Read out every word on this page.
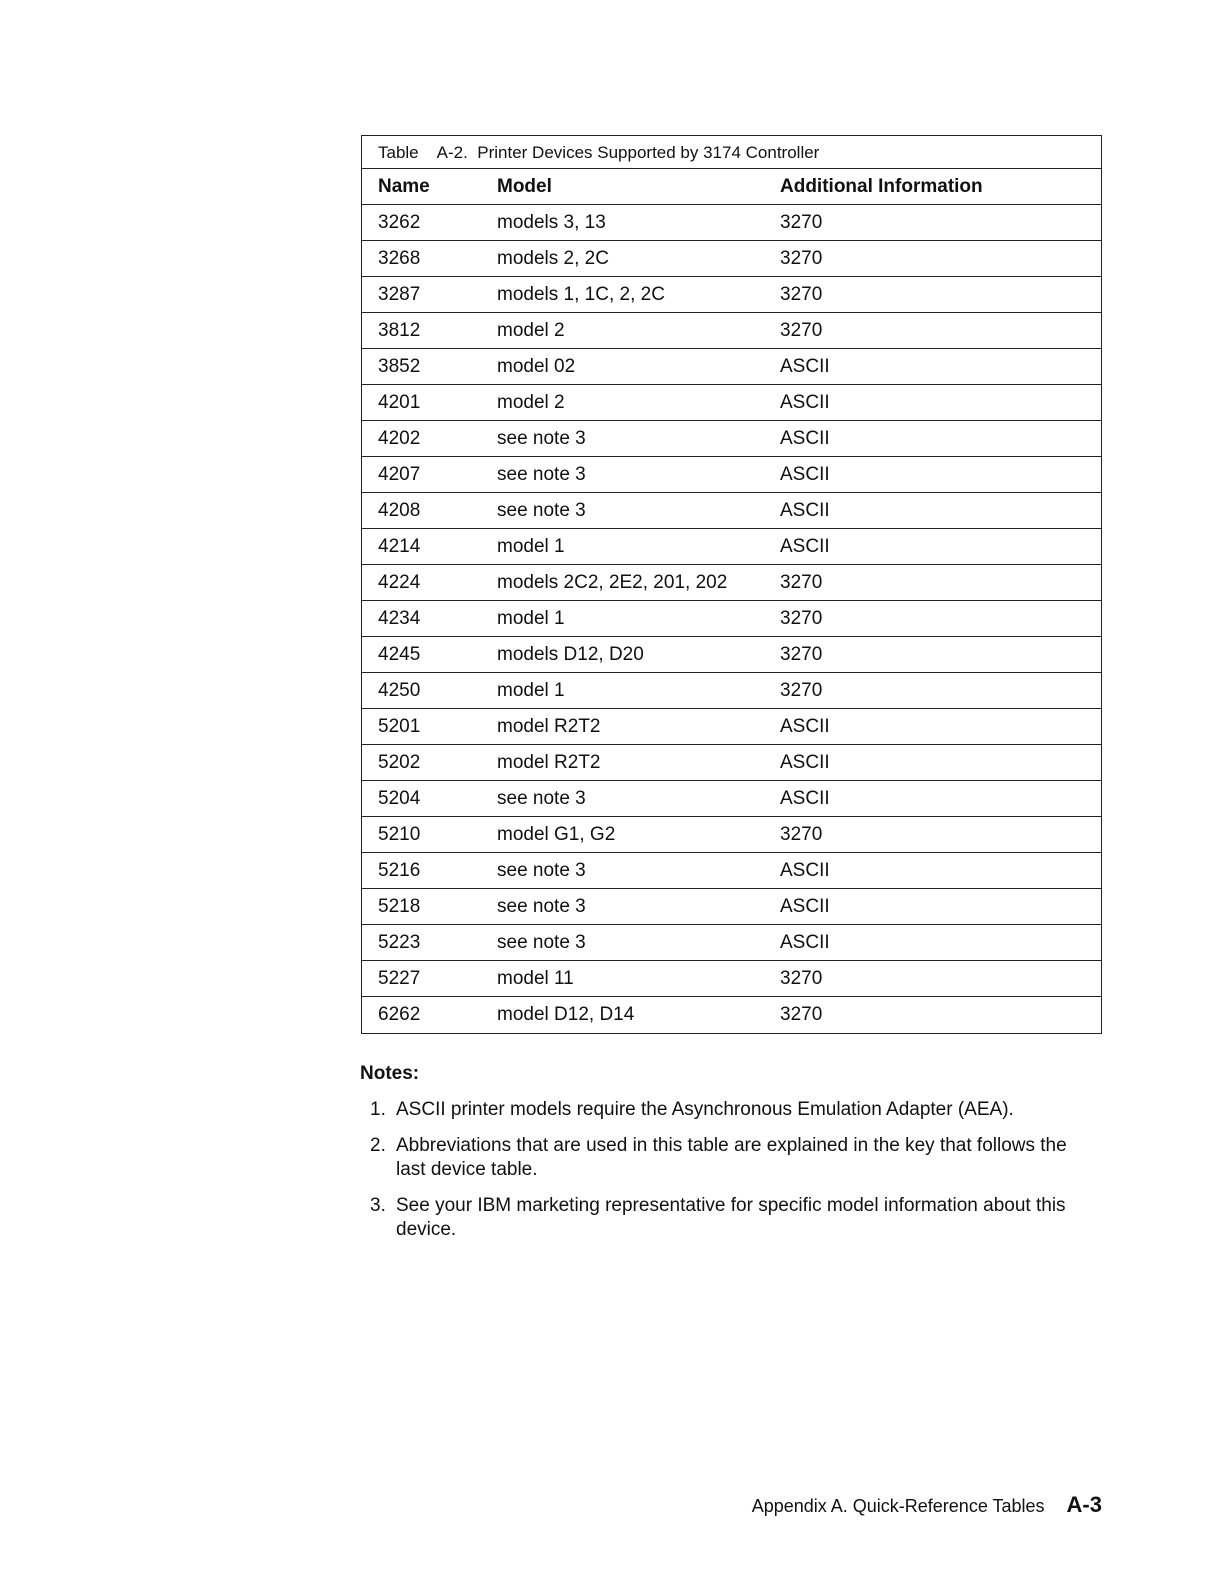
Table A-2.  Printer Devices Supported by 3174 Controller
Name	Model	Additional Information
3262	models 3, 13	3270
3268	models 2, 2C	3270
3287	models 1, 1C, 2, 2C	3270
3812	model 2	3270
3852	model 02	ASCII
4201	model 2	ASCII
4202	see note 3	ASCII
4207	see note 3	ASCII
4208	see note 3	ASCII
4214	model 1	ASCII
4224	models 2C2, 2E2, 201, 202	3270
4234	model 1	3270
4245	models D12, D20	3270
4250	model 1	3270
5201	model R2T2	ASCII
5202	model R2T2	ASCII
5204	see note 3	ASCII
5210	model G1, G2	3270
5216	see note 3	ASCII
5218	see note 3	ASCII
5223	see note 3	ASCII
5227	model 11	3270
6262	model D12, D14	3270
Notes:
1. ASCII printer models require the Asynchronous Emulation Adapter (AEA).
2. Abbreviations that are used in this table are explained in the key that follows the last device table.
3. See your IBM marketing representative for specific model information about this device.
Appendix A. Quick-Reference Tables A-3
